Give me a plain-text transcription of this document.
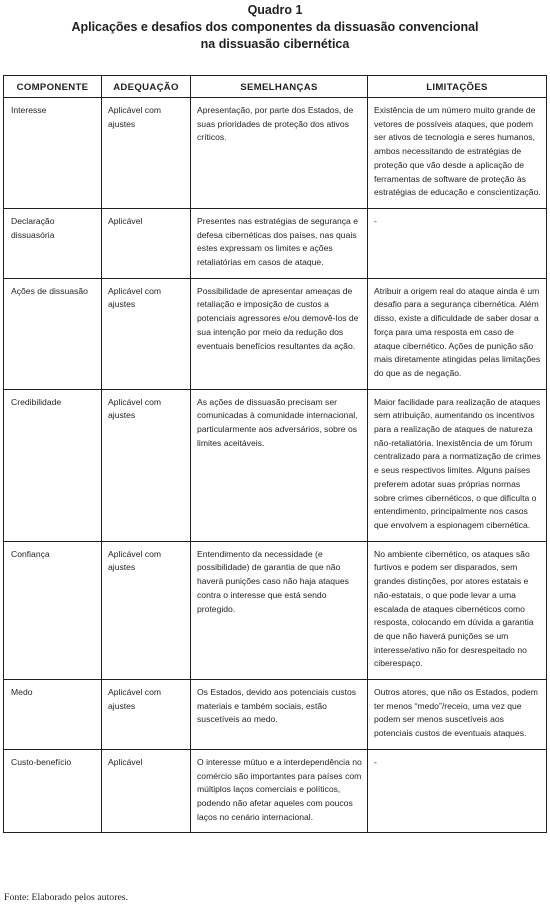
Quadro 1
Aplicações e desafios dos componentes da dissuasão convencional
na dissuasão cibernética
COMPONENTE	ADEQUAÇÃO	SEMELHANÇAS	LIMITAÇÕES
Interesse	Aplicável com ajustes	Apresentação, por parte dos Estados, de suas prioridades de proteção dos ativos críticos.	Existência de um número muito grande de vetores de possíveis ataques, que podem ser ativos de tecnologia e seres humanos, ambos necessitando de estratégias de proteção que vão desde a aplicação de ferramentas de software de proteção às estratégias de educação e conscientização.
Declaração dissuasória	Aplicável	Presentes nas estratégias de segurança e defesa cibernéticas dos países, nas quais estes expressam os limites e ações retaliatórias em casos de ataque.	-
Ações de dissuasão	Aplicável com ajustes	Possibilidade de apresentar ameaças de retaliação e imposição de custos a potenciais agressores e/ou demovê-los de sua intenção por meio da redução dos eventuais benefícios resultantes da ação.	Atribuir a origem real do ataque ainda é um desafio para a segurança cibernética. Além disso, existe a dificuldade de saber dosar a força para uma resposta em caso de ataque cibernético. Ações de punição são mais diretamente atingidas pelas limitações do que as de negação.
Credibilidade	Aplicável com ajustes	As ações de dissuasão precisam ser comunicadas à comunidade internacional, particularmente aos adversários, sobre os limites aceitáveis.	Maior facilidade para realização de ataques sem atribuição, aumentando os incentivos para a realização de ataques de natureza não-retaliatória. Inexistência de um fórum centralizado para a normatização de crimes e seus respectivos limites. Alguns países preferem adotar suas próprias normas sobre crimes cibernéticos, o que dificulta o entendimento, principalmente nos casos que envolvem a espionagem cibernética.
Confiança	Aplicável com ajustes	Entendimento da necessidade (e possibilidade) de garantia de que não haverá punições caso não haja ataques contra o interesse que está sendo protegido.	No ambiente cibernético, os ataques são furtivos e podem ser disparados, sem grandes distinções, por atores estatais e não-estatais, o que pode levar a uma escalada de ataques cibernéticos como resposta, colocando em dúvida a garantia de que não haverá punições se um interesse/ativo não for desrespeitado no ciberespaço.
Medo	Aplicável com ajustes	Os Estados, devido aos potenciais custos materiais e também sociais, estão suscetíveis ao medo.	Outros atores, que não os Estados, podem ter menos “medo”/receio, uma vez que podem ser menos suscetíveis aos potenciais custos de eventuais ataques.
Custo-benefício	Aplicável	O interesse mútuo e a interdependência no comércio são importantes para países com múltiplos laços comerciais e políticos, podendo não afetar aqueles com poucos laços no cenário internacional.	-
Fonte: Elaborado pelos autores.
